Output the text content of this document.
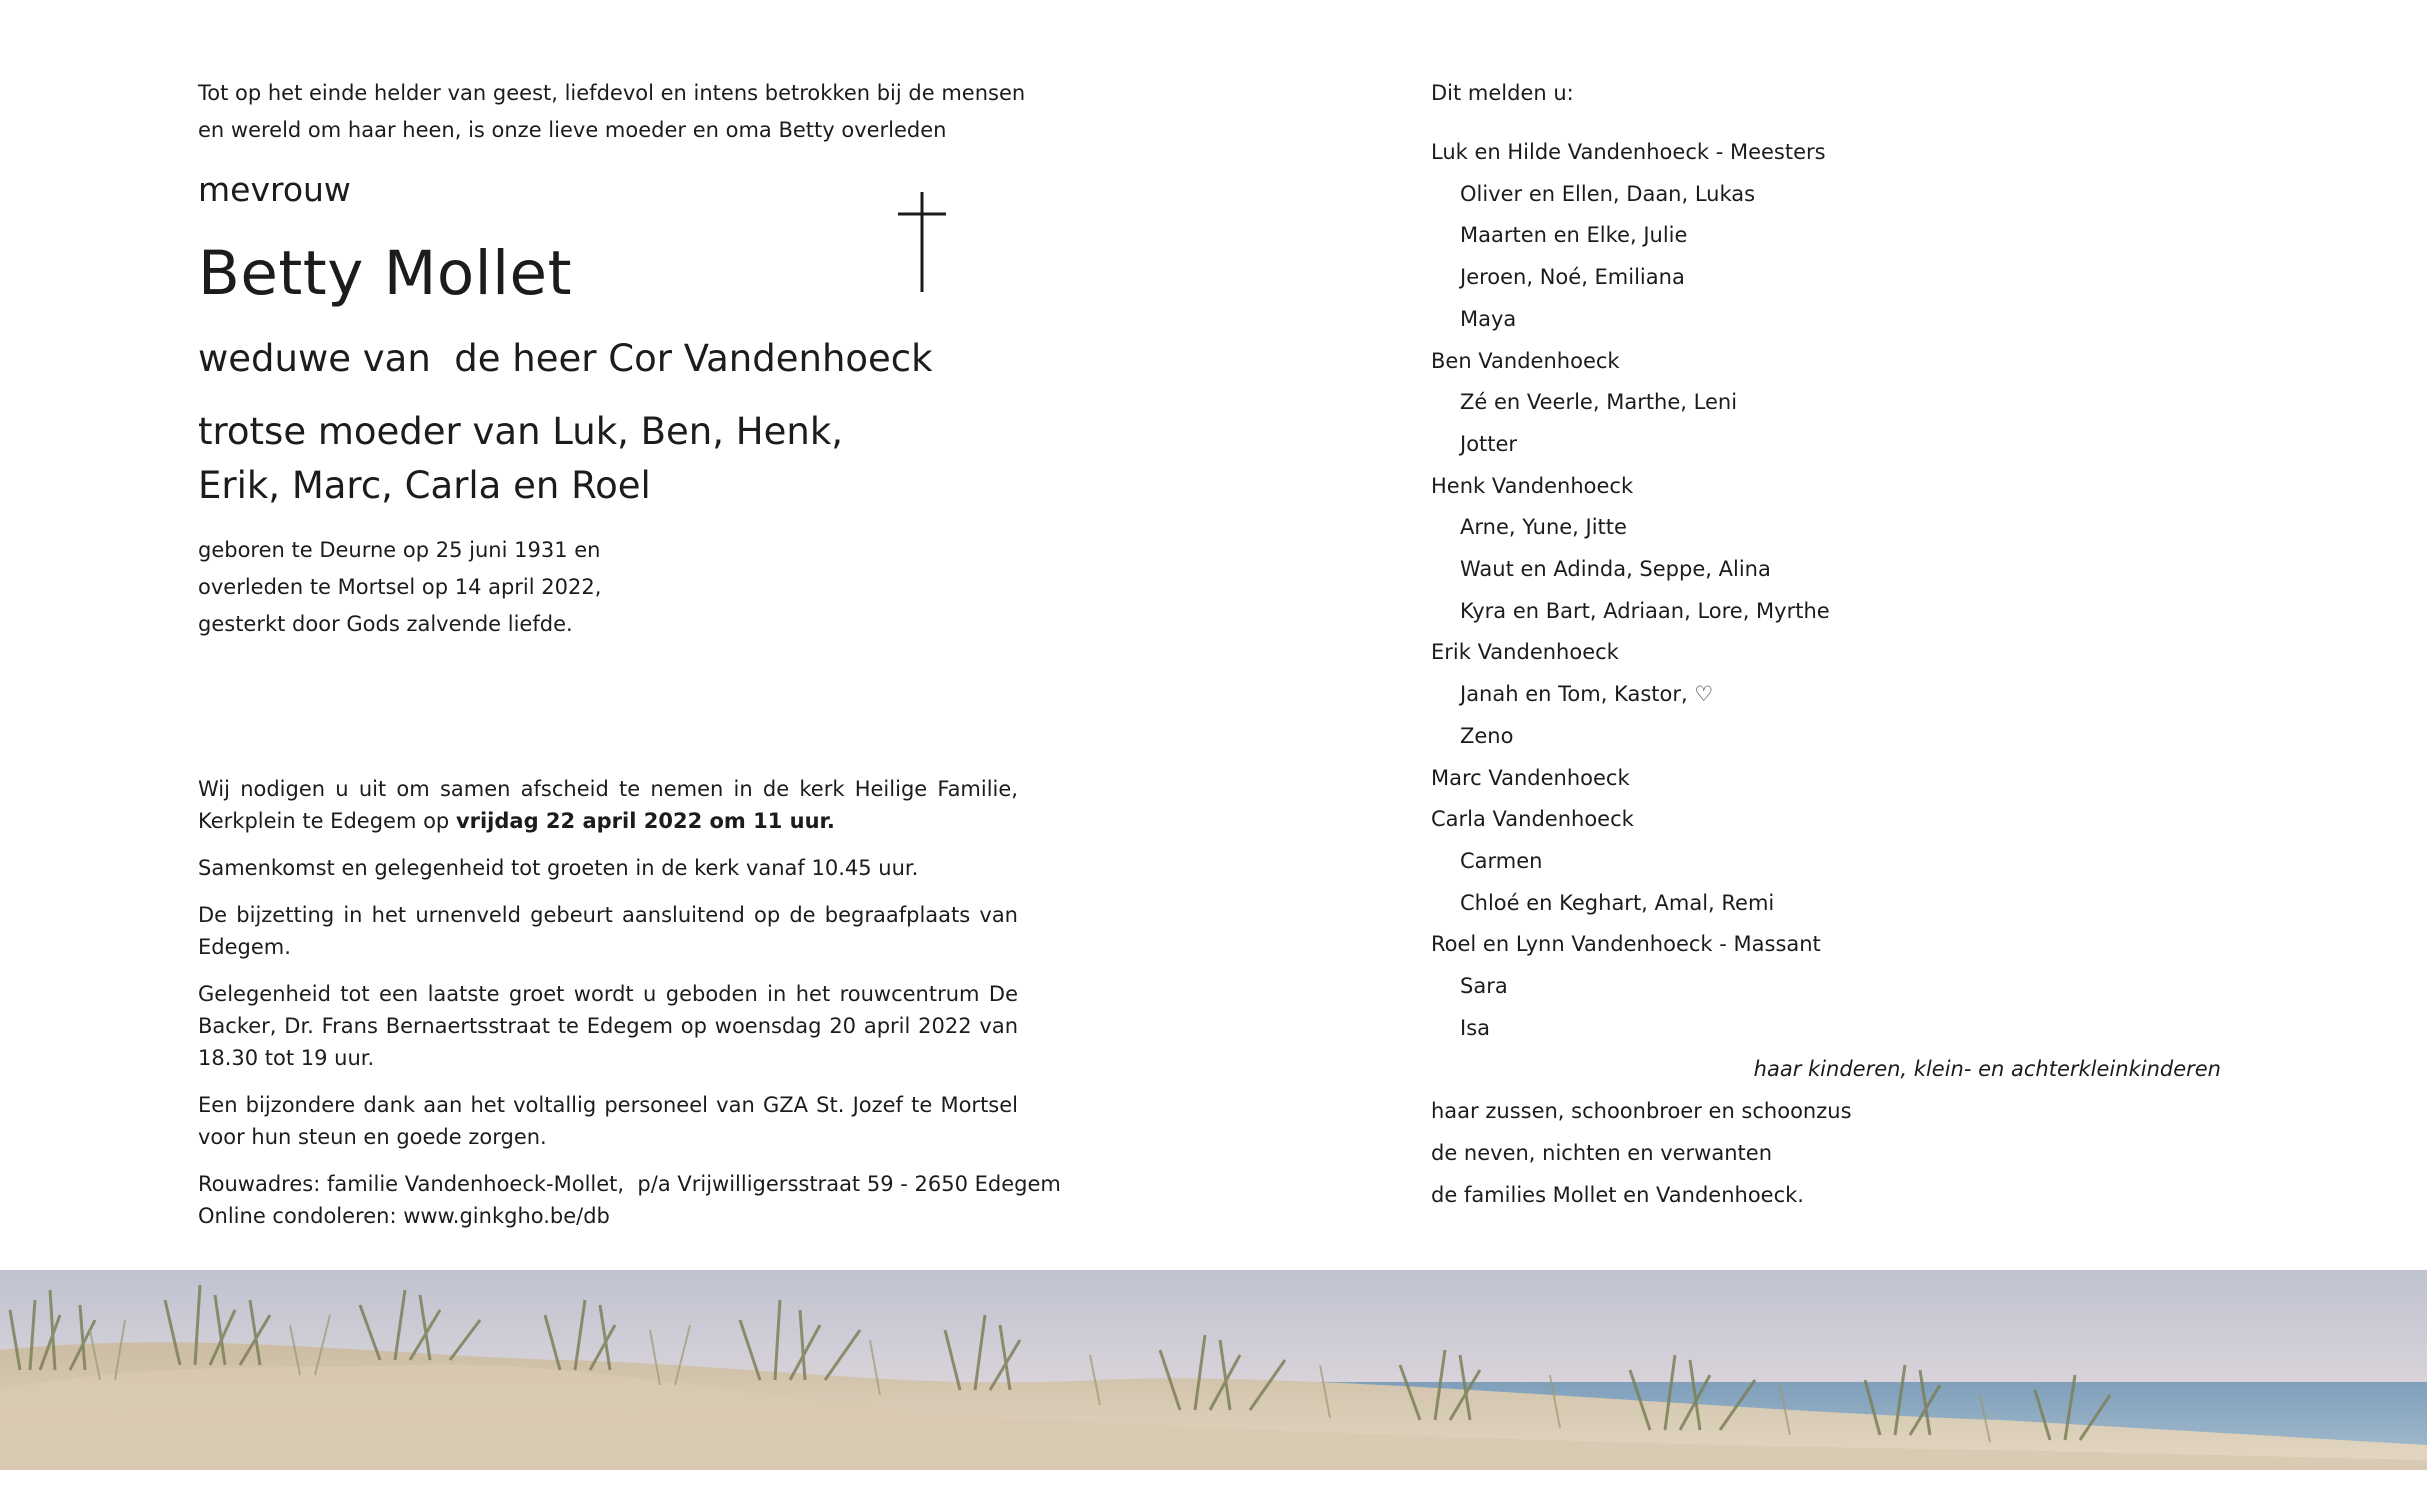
Tot op het einde helder van geest, liefdevol en intens betrokken bij de mensen
en wereld om haar heen, is onze lieve moeder en oma Betty overleden
mevrouw
Betty Mollet
weduwe van  de heer Cor Vandenhoeck
trotse moeder van Luk, Ben, Henk,
Erik, Marc, Carla en Roel
geboren te Deurne op 25 juni 1931 en
overleden te Mortsel op 14 april 2022,
gesterkt door Gods zalvende liefde.
Wij nodigen u uit om samen afscheid te nemen in de kerk Heilige Familie, Kerkplein te Edegem op vrijdag 22 april 2022 om 11 uur.
Samenkomst en gelegenheid tot groeten in de kerk vanaf 10.45 uur.
De bijzetting in het urnenveld gebeurt aansluitend op de begraafplaats van Edegem.
Gelegenheid tot een laatste groet wordt u geboden in het rouwcentrum De Backer, Dr. Frans Bernaertsstraat te Edegem op woensdag 20 april 2022 van 18.30 tot 19 uur.
Een bijzondere dank aan het voltallig personeel van GZA St. Jozef te Mortsel voor hun steun en goede zorgen.
Rouwadres: familie Vandenhoeck-Mollet,  p/a Vrijwilligersstraat 59 - 2650 Edegem
Online condoleren: www.ginkgho.be/db
Dit melden u:
Luk en Hilde Vandenhoeck - Meesters
Oliver en Ellen, Daan, Lukas
Maarten en Elke, Julie
Jeroen, Noé, Emiliana
Maya
Ben Vandenhoeck
Zé en Veerle, Marthe, Leni
Jotter
Henk Vandenhoeck
Arne, Yune, Jitte
Waut en Adinda, Seppe, Alina
Kyra en Bart, Adriaan, Lore, Myrthe
Erik Vandenhoeck
Janah en Tom, Kastor, ♡
Zeno
Marc Vandenhoeck
Carla Vandenhoeck
Carmen
Chloé en Keghart, Amal, Remi
Roel en Lynn Vandenhoeck - Massant
Sara
Isa
haar kinderen, klein- en achterkleinkinderen
haar zussen, schoonbroer en schoonzus
de neven, nichten en verwanten
de families Mollet en Vandenhoeck.
